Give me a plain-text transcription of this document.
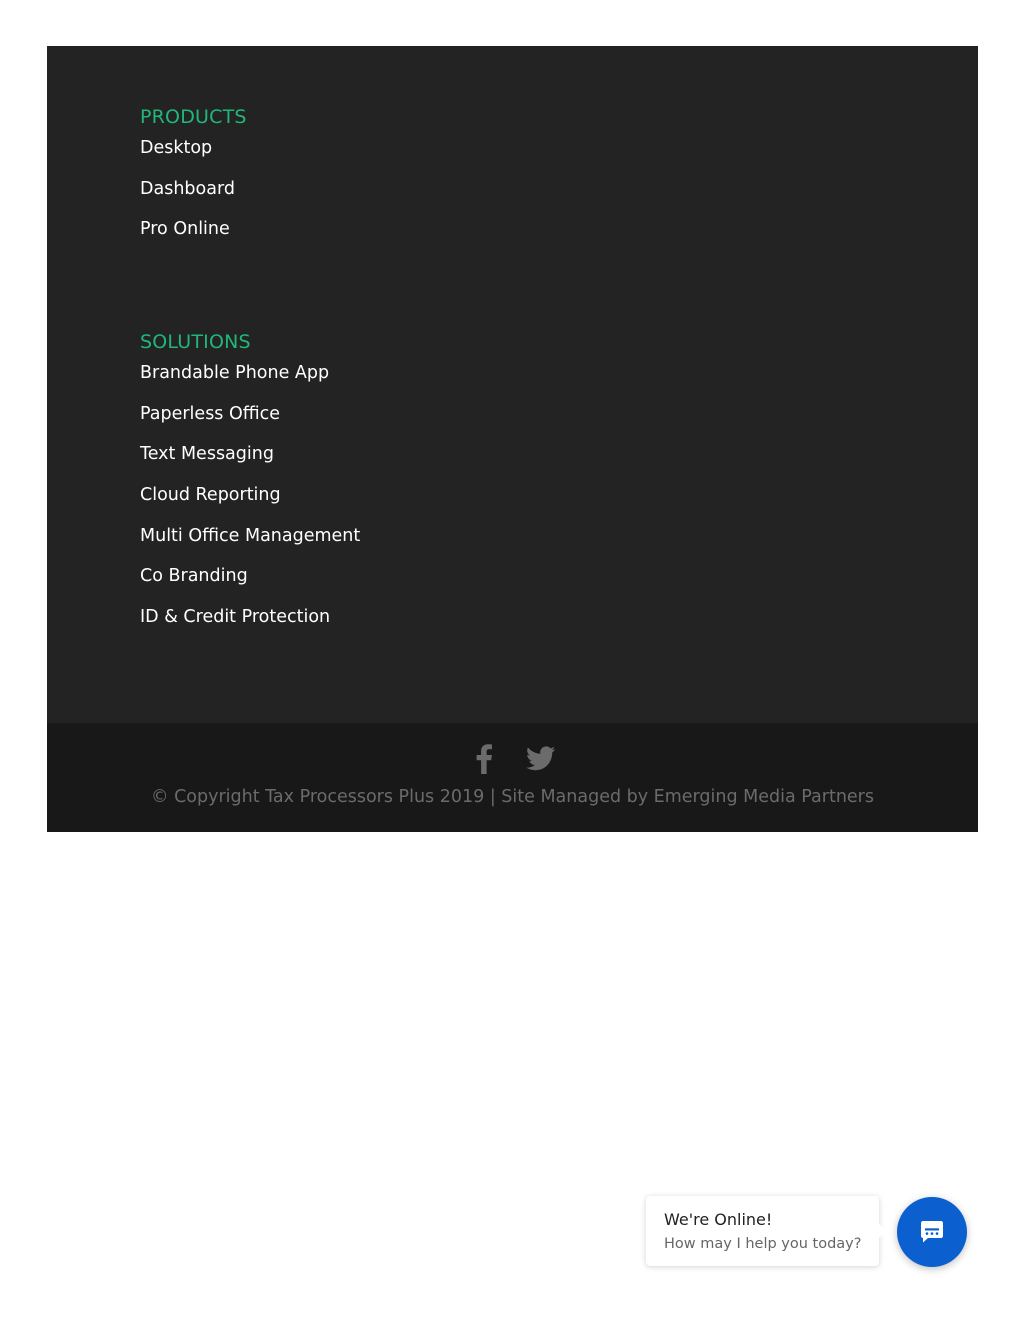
PRODUCTS
Desktop
Dashboard
Pro Online
SOLUTIONS
Brandable Phone App
Paperless Office
Text Messaging
Cloud Reporting
Multi Office Management
Co Branding
ID & Credit Protection
© Copyright Tax Processors Plus 2019 | Site Managed by Emerging Media Partners
We're Online!
How may I help you today?
